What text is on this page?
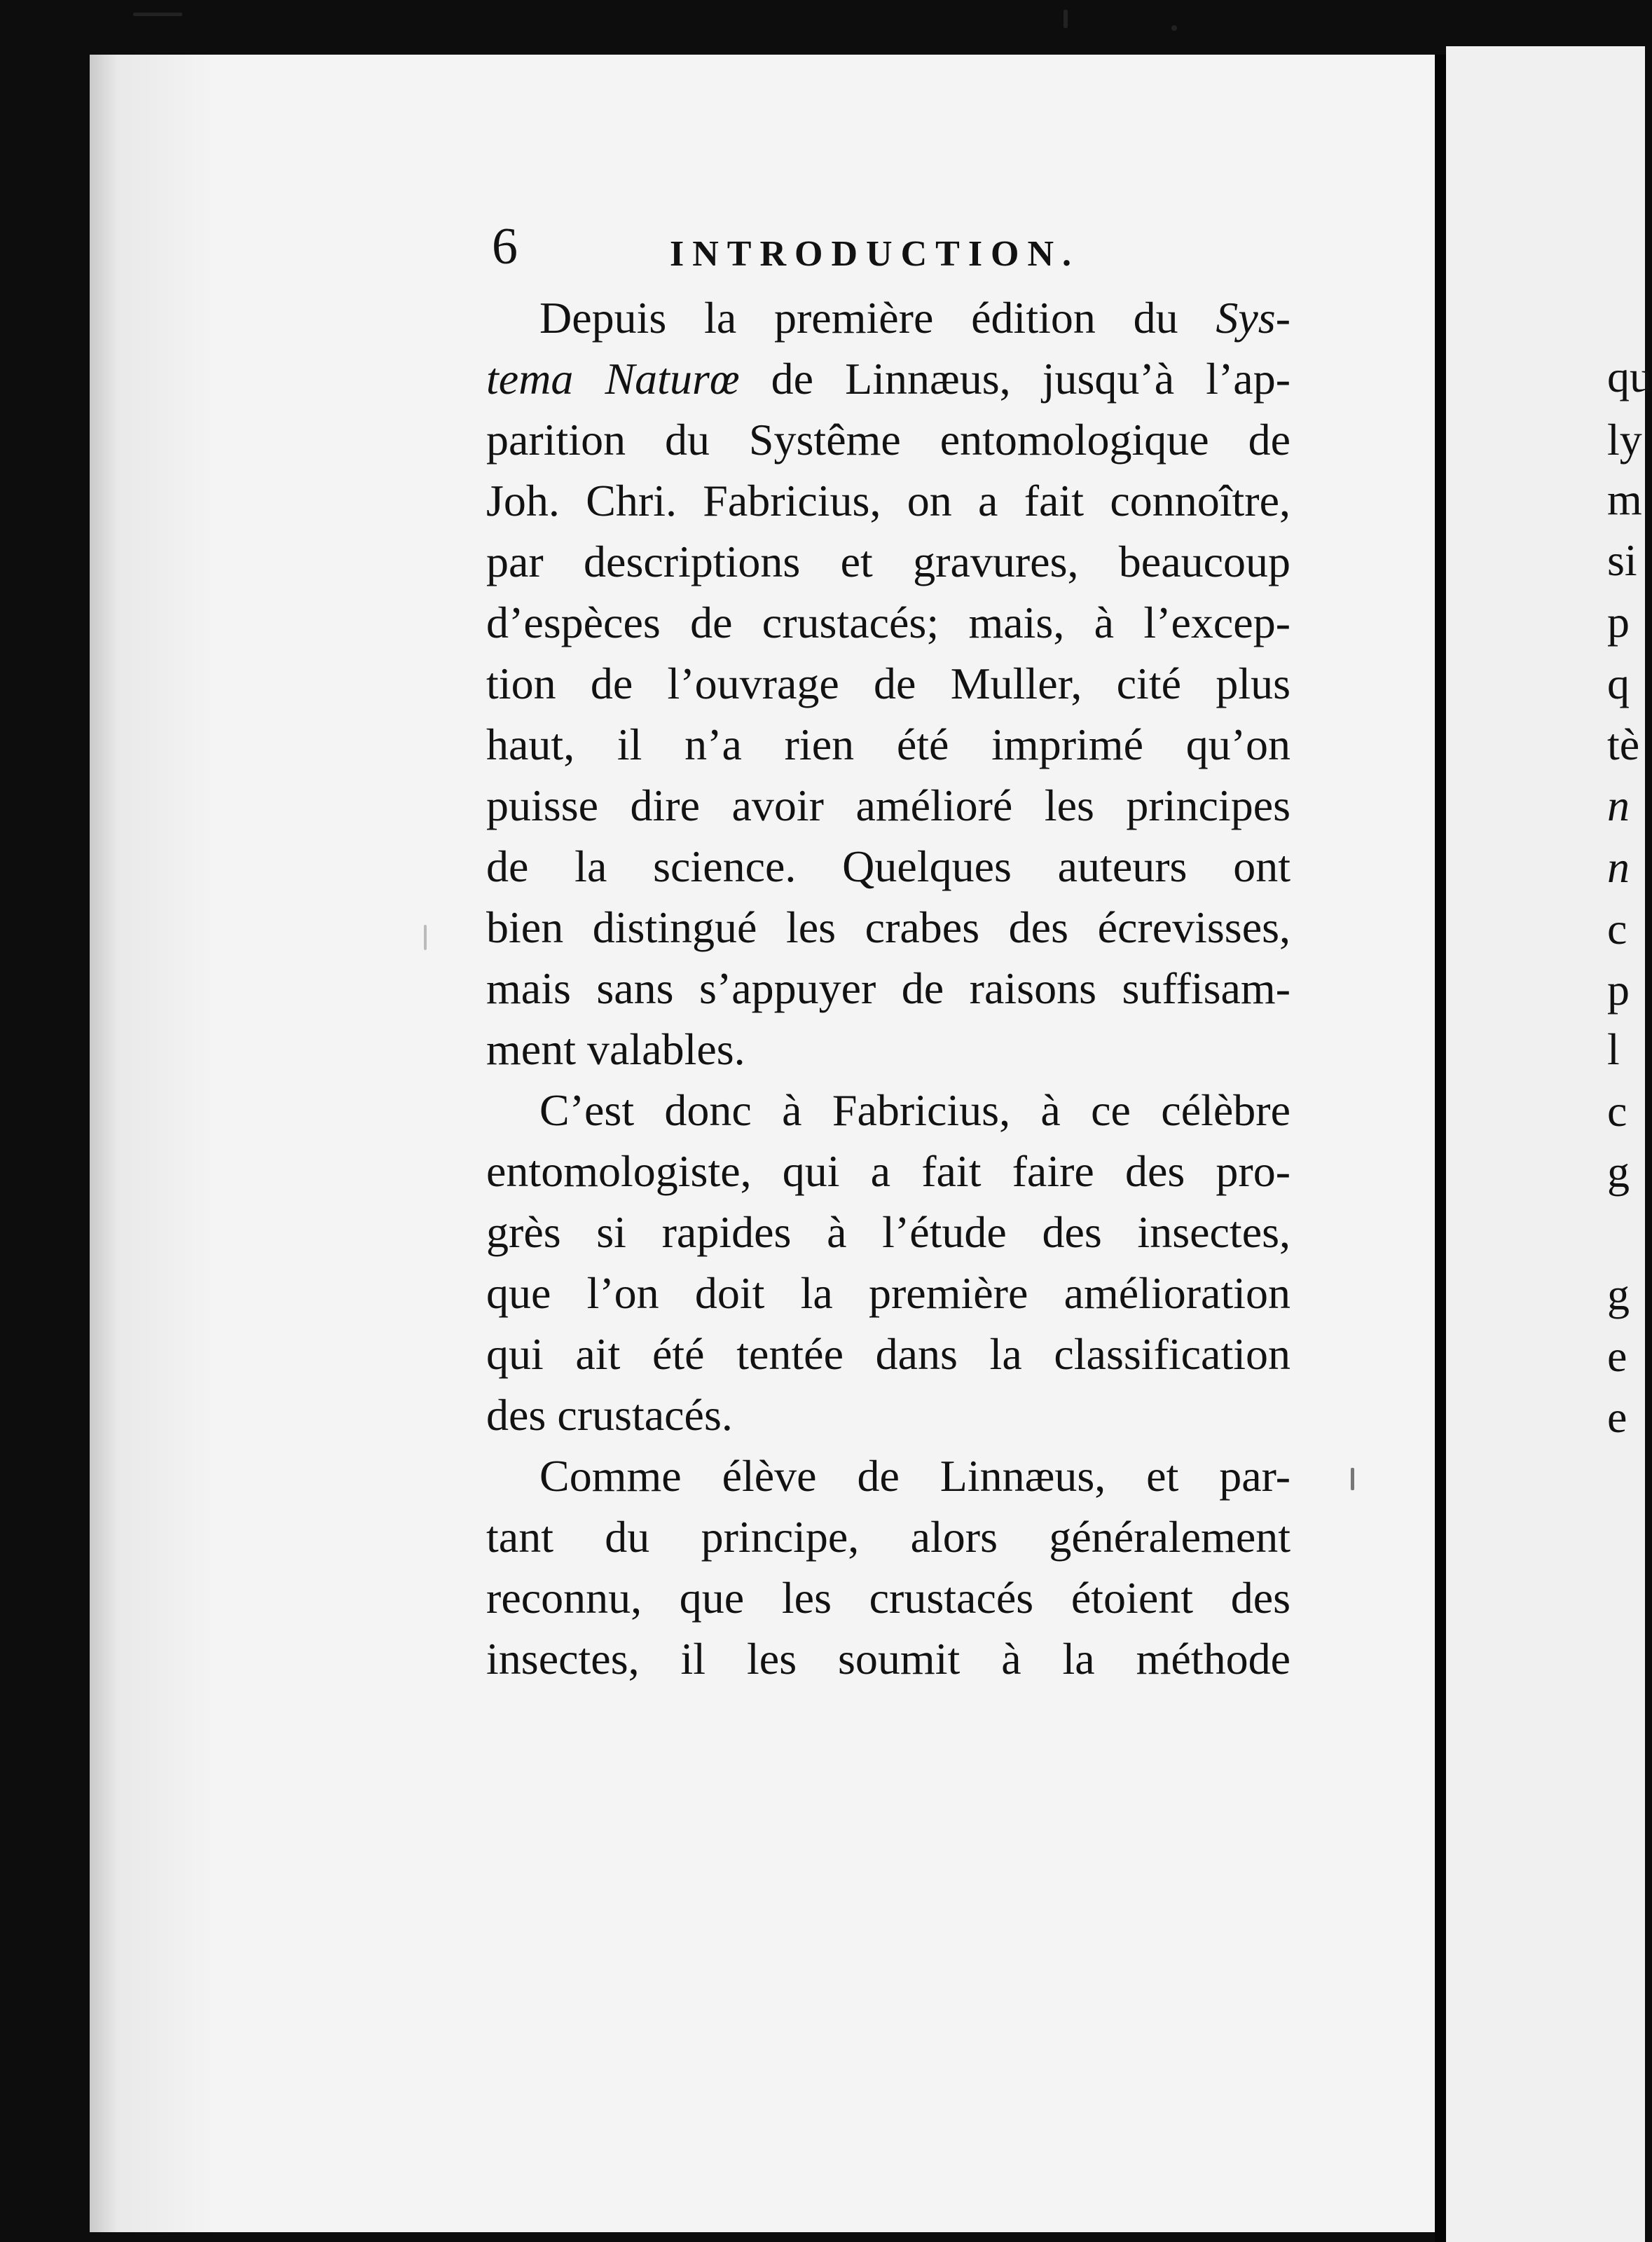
qu
ly
m
si
p
q
tè
n
n
c
p
l
c
g
g
e
e
6	INTRODUCTION.

Depuis la première édition du Sys-
tema Naturœ de Linnæus, jusqu’à l’ap-
parition du Systême entomologique de
Joh. Chri. Fabricius, on a fait connoître,
par descriptions et gravures, beaucoup
d’espèces de crustacés; mais, à l’excep-
tion de l’ouvrage de Muller, cité plus
haut, il n’a rien été imprimé qu’on
puisse dire avoir amélioré les principes
de la science. Quelques auteurs ont
bien distingué les crabes des écrevisses,
mais sans s’appuyer de raisons suffisam-
ment valables.

C’est donc à Fabricius, à ce célèbre
entomologiste, qui a fait faire des pro-
grès si rapides à l’étude des insectes,
que l’on doit la première amélioration
qui ait été tentée dans la classification
des crustacés.

Comme élève de Linnæus, et par-
tant du principe, alors généralement
reconnu, que les crustacés étoient des
insectes, il les soumit à la méthode
